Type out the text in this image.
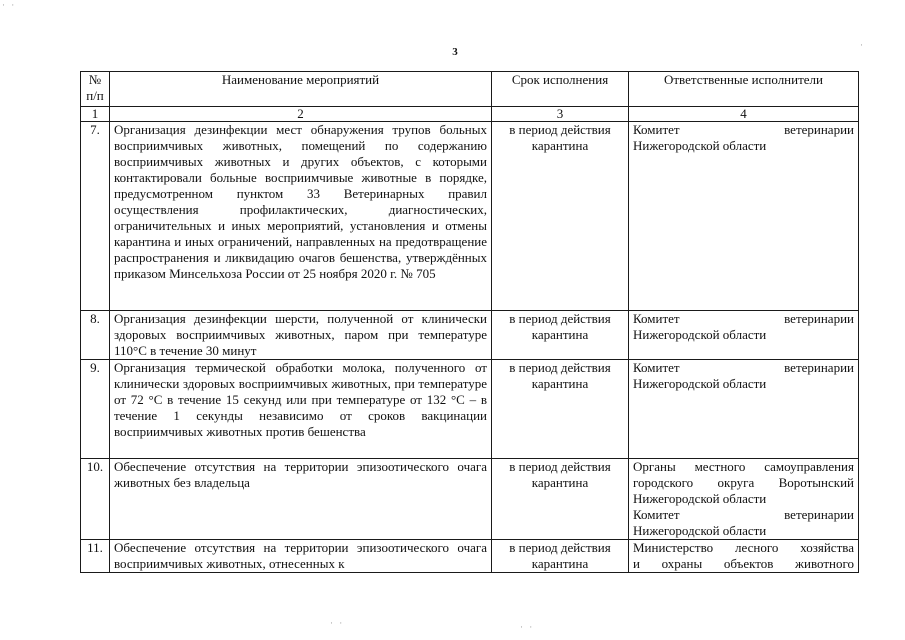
3
№ п/п	Наименование мероприятий	Срок исполнения	Ответственные исполнители
1	2	3	4
7.	Организация дезинфекции мест обнаружения трупов больных восприимчивых животных, помещений по содержанию восприимчивых животных и других объектов, с которыми контактировали больные восприимчивые животные в порядке, предусмотренном пунктом 33 Ветеринарных правил осуществления профилактических, диагностических, ограничительных и иных мероприятий, установления и отмены карантина и иных ограничений, направленных на предотвращение распространения и ликвидацию очагов бешенства, утверждённых приказом Минсельхоза России от 25 ноября 2020 г. № 705	в период действия карантина	Комитет ветеринарии
Нижегородской области

8.	Организация дезинфекции шерсти, полученной от клинически здоровых восприимчивых животных, паром при температуре 110°С в течение 30 минут	в период действия карантина	Комитет ветеринарии
Нижегородской области

9.	Организация термической обработки молока, полученного от клинически здоровых восприимчивых животных, при температуре от 72 °С в течение 15 секунд или при температуре от 132 °С – в течение 1 секунды независимо от сроков вакцинации восприимчивых животных против бешенства	в период действия карантина	Комитет ветеринарии
Нижегородской области

10.	Обеспечение отсутствия на территории эпизоотического очага животных без владельца	в период действия карантина	Органы местного самоуправления
городского округа Воротынский
Нижегородской области
Комитет ветеринарии
Нижегородской области

11.	Обеспечение отсутствия на территории эпизоотического очага восприимчивых животных, отнесенных к	в период действия карантина	Министерство лесного хозяйства
и охраны объектов животного
· ·
·
· ·	· ·
